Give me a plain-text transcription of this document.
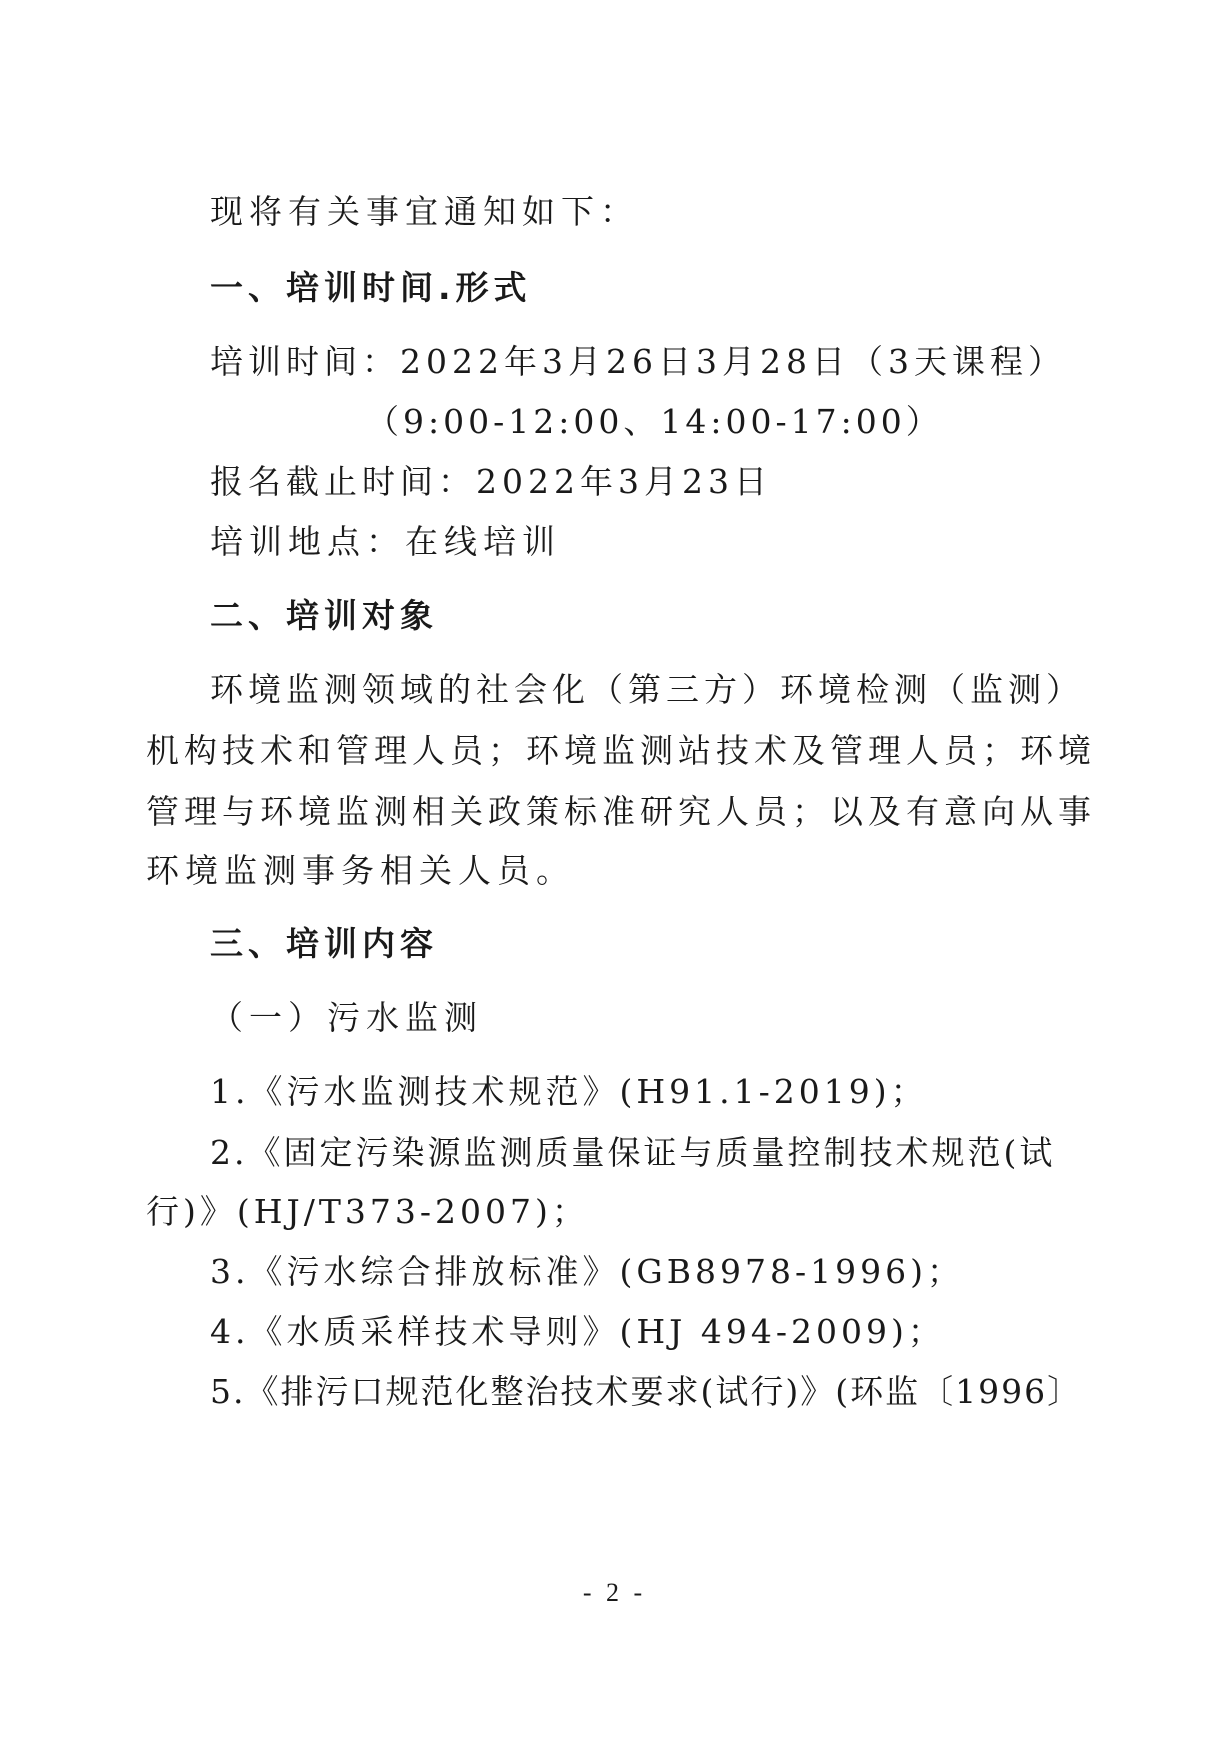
现将有关事宜通知如下：
一、培训时间.形式
培训时间：2022年3月26日3月28日（3天课程）
（9:00-12:00、14:00-17:00）
报名截止时间：2022年3月23日
培训地点：在线培训
二、培训对象
环境监测领域的社会化（第三方）环境检测（监测）
机构技术和管理人员；环境监测站技术及管理人员；环境
管理与环境监测相关政策标准研究人员；以及有意向从事
环境监测事务相关人员。
三、培训内容
（一）污水监测
1.《污水监测技术规范》(H91.1-2019)；
2.《固定污染源监测质量保证与质量控制技术规范(试
行)》(HJ/T373-2007)；
3.《污水综合排放标准》(GB8978-1996)；
4.《水质采样技术导则》(HJ 494-2009)；
5.《排污口规范化整治技术要求(试行)》(环监〔1996〕
- 2 -
